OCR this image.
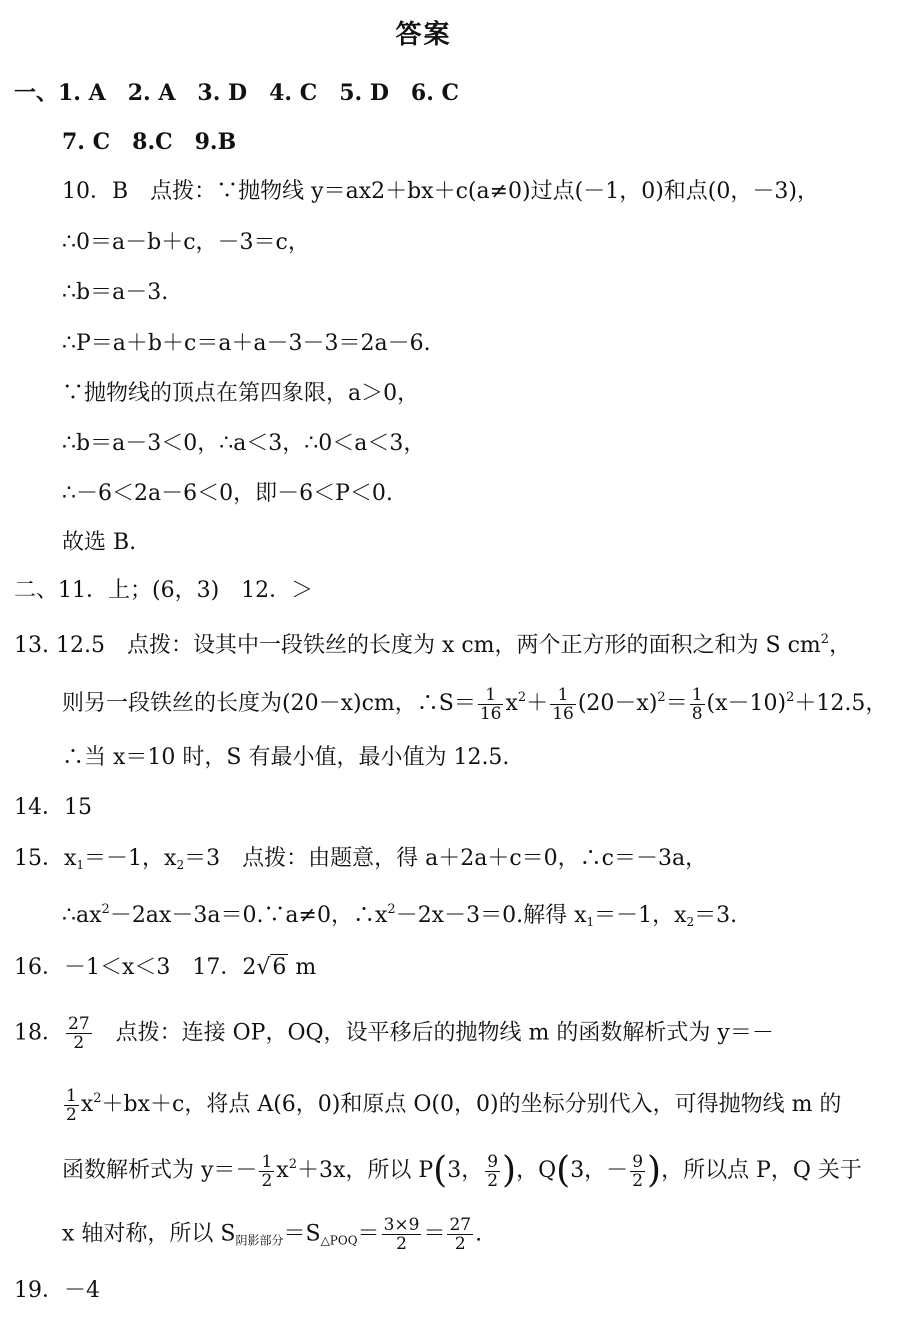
答案
一、1. A　2. A　3. D　4. C　5. D　6. C
7. C　8.C　9.B
10．B　点拨：∵抛物线 y＝ax2＋bx＋c(a≠0)过点(－1，0)和点(0，－3)，
∴0＝a－b＋c，－3＝c，
∴b＝a－3.
∴P＝a＋b＋c＝a＋a－3－3＝2a－6.
∵抛物线的顶点在第四象限，a＞0，
∴b＝a－3＜0，∴a＜3，∴0＜a＜3，
∴－6＜2a－6＜0，即－6＜P＜0.
故选 B.
二、11．上；(6，3)　12．＞
13. 12.5　点拨：设其中一段铁丝的长度为 x cm，两个正方形的面积之和为 S $cm^2$，
则另一段铁丝的长度为(20－x)cm，∴S＝ $\frac{1}{16} x^2+ \frac{1}{16} (20-x)^2= \frac{1}{8} (x-10)^2+12.5$，
∴当 x＝10 时，S 有最小值，最小值为 12.5.
14．15
15．$x_1=-1$，$x_2=3$　点拨：由题意，得 a＋2a＋c＝0，∴c＝－3a，
$\therefore ax^2-2ax-3a=0.\because a\ne 0$，$\therefore x^2-2x-3=0$.解得 $x_1=-1$，$x_2=3$.
16．－1＜x＜3　17．2√6 m
18． $\frac{27}{2}$ 　点拨：连接 OP，OQ，设平移后的抛物线 m 的函数解析式为 y＝－
$\frac{1}{2} x^2+bx+c$，将点 A(6，0)和原点 O(0，0)的坐标分别代入，可得抛物线 m 的
函数解析式为 $y=- \frac{1}{2} x^2+3x$，所以 P(3， $\frac{9}{2}$ )，Q(3，－ $\frac{9}{2}$ )，所以点 P，Q 关于
x 轴对称，所以 $S_{阴影部分}=S_{\triangle POQ}= \frac{3\times 9}{2} = \frac{27}{2}$ .
19．－4
